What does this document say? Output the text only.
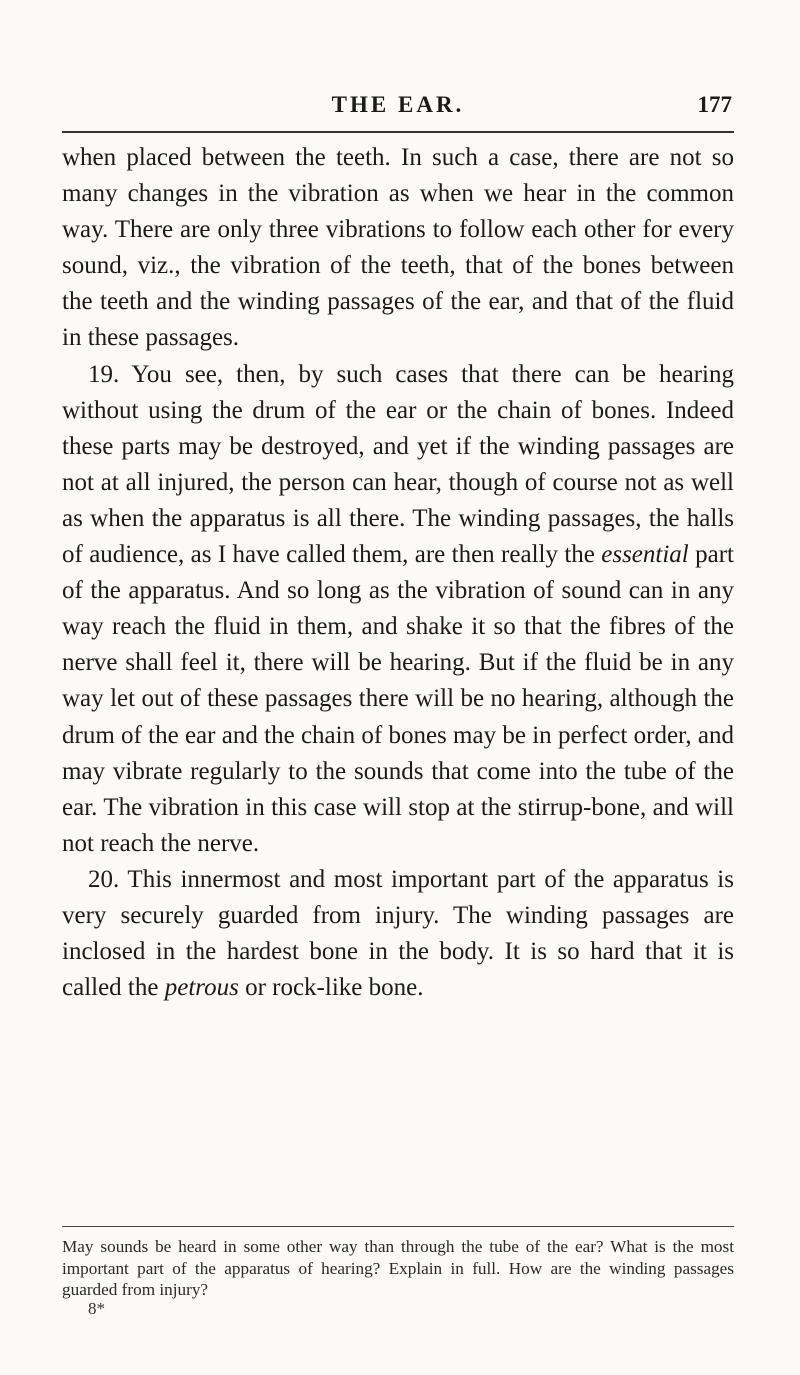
THE EAR.	177

when placed between the teeth. In such a case, there are not so many changes in the vibration as when we hear in the common way. There are only three vibrations to follow each other for every sound, viz., the vibration of the teeth, that of the bones between the teeth and the winding passages of the ear, and that of the fluid in these passages.

19. You see, then, by such cases that there can be hearing without using the drum of the ear or the chain of bones. Indeed these parts may be destroyed, and yet if the winding passages are not at all injured, the person can hear, though of course not as well as when the apparatus is all there. The winding passages, the halls of audience, as I have called them, are then really the essential part of the apparatus. And so long as the vibration of sound can in any way reach the fluid in them, and shake it so that the fibres of the nerve shall feel it, there will be hearing. But if the fluid be in any way let out of these passages there will be no hearing, although the drum of the ear and the chain of bones may be in perfect order, and may vibrate regularly to the sounds that come into the tube of the ear. The vibration in this case will stop at the stirrup-bone, and will not reach the nerve.

20. This innermost and most important part of the apparatus is very securely guarded from injury. The winding passages are inclosed in the hardest bone in the body. It is so hard that it is called the petrous or rock-like bone.

May sounds be heard in some other way than through the tube of the ear? What is the most important part of the apparatus of hearing? Explain in full. How are the winding passages guarded from injury?

8*
